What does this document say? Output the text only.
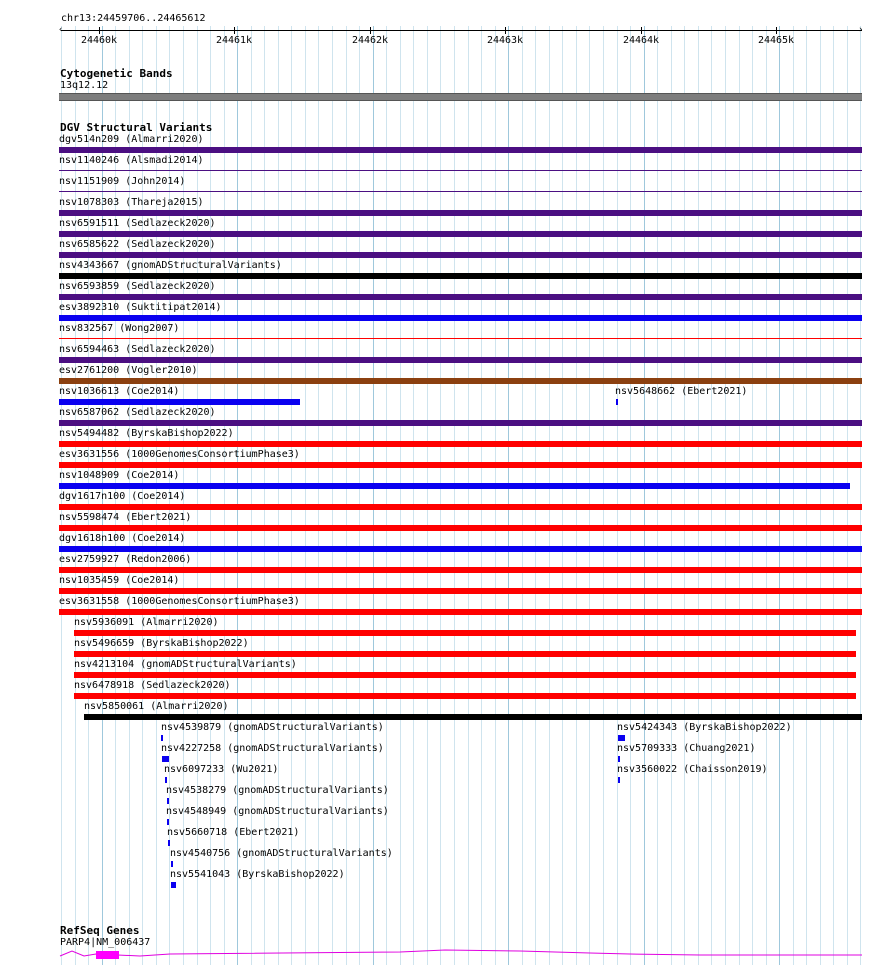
chr13:24459706..24465612
‹	›
24460k	24461k	24462k	24463k	24464k	24465k
Cytogenetic Bands
13q12.12
DGV Structural Variants
RefSeq Genes
PARP4|NM_006437
dgv514n209 (Almarri2020)
nsv1140246 (Alsmadi2014)
nsv1151909 (John2014)
nsv1078303 (Thareja2015)
nsv6591511 (Sedlazeck2020)
nsv6585622 (Sedlazeck2020)
nsv4343667 (gnomADStructuralVariants)
nsv6593859 (Sedlazeck2020)
esv3892310 (Suktitipat2014)
nsv832567 (Wong2007)
nsv6594463 (Sedlazeck2020)
esv2761200 (Vogler2010)
nsv1036613 (Coe2014)	nsv5648662 (Ebert2021)
nsv6587062 (Sedlazeck2020)
nsv5494482 (ByrskaBishop2022)
esv3631556 (1000GenomesConsortiumPhase3)
nsv1048909 (Coe2014)
dgv1617n100 (Coe2014)
nsv5598474 (Ebert2021)
dgv1618n100 (Coe2014)
esv2759927 (Redon2006)
nsv1035459 (Coe2014)
esv3631558 (1000GenomesConsortiumPhase3)
nsv5936091 (Almarri2020)
nsv5496659 (ByrskaBishop2022)
nsv4213104 (gnomADStructuralVariants)
nsv6478918 (Sedlazeck2020)
nsv5850061 (Almarri2020)
nsv4539879 (gnomADStructuralVariants)	nsv5424343 (ByrskaBishop2022)
nsv4227258 (gnomADStructuralVariants)	nsv5709333 (Chuang2021)
nsv6097233 (Wu2021)	nsv3560022 (Chaisson2019)
nsv4538279 (gnomADStructuralVariants)
nsv4548949 (gnomADStructuralVariants)
nsv5660718 (Ebert2021)
nsv4540756 (gnomADStructuralVariants)
nsv5541043 (ByrskaBishop2022)
